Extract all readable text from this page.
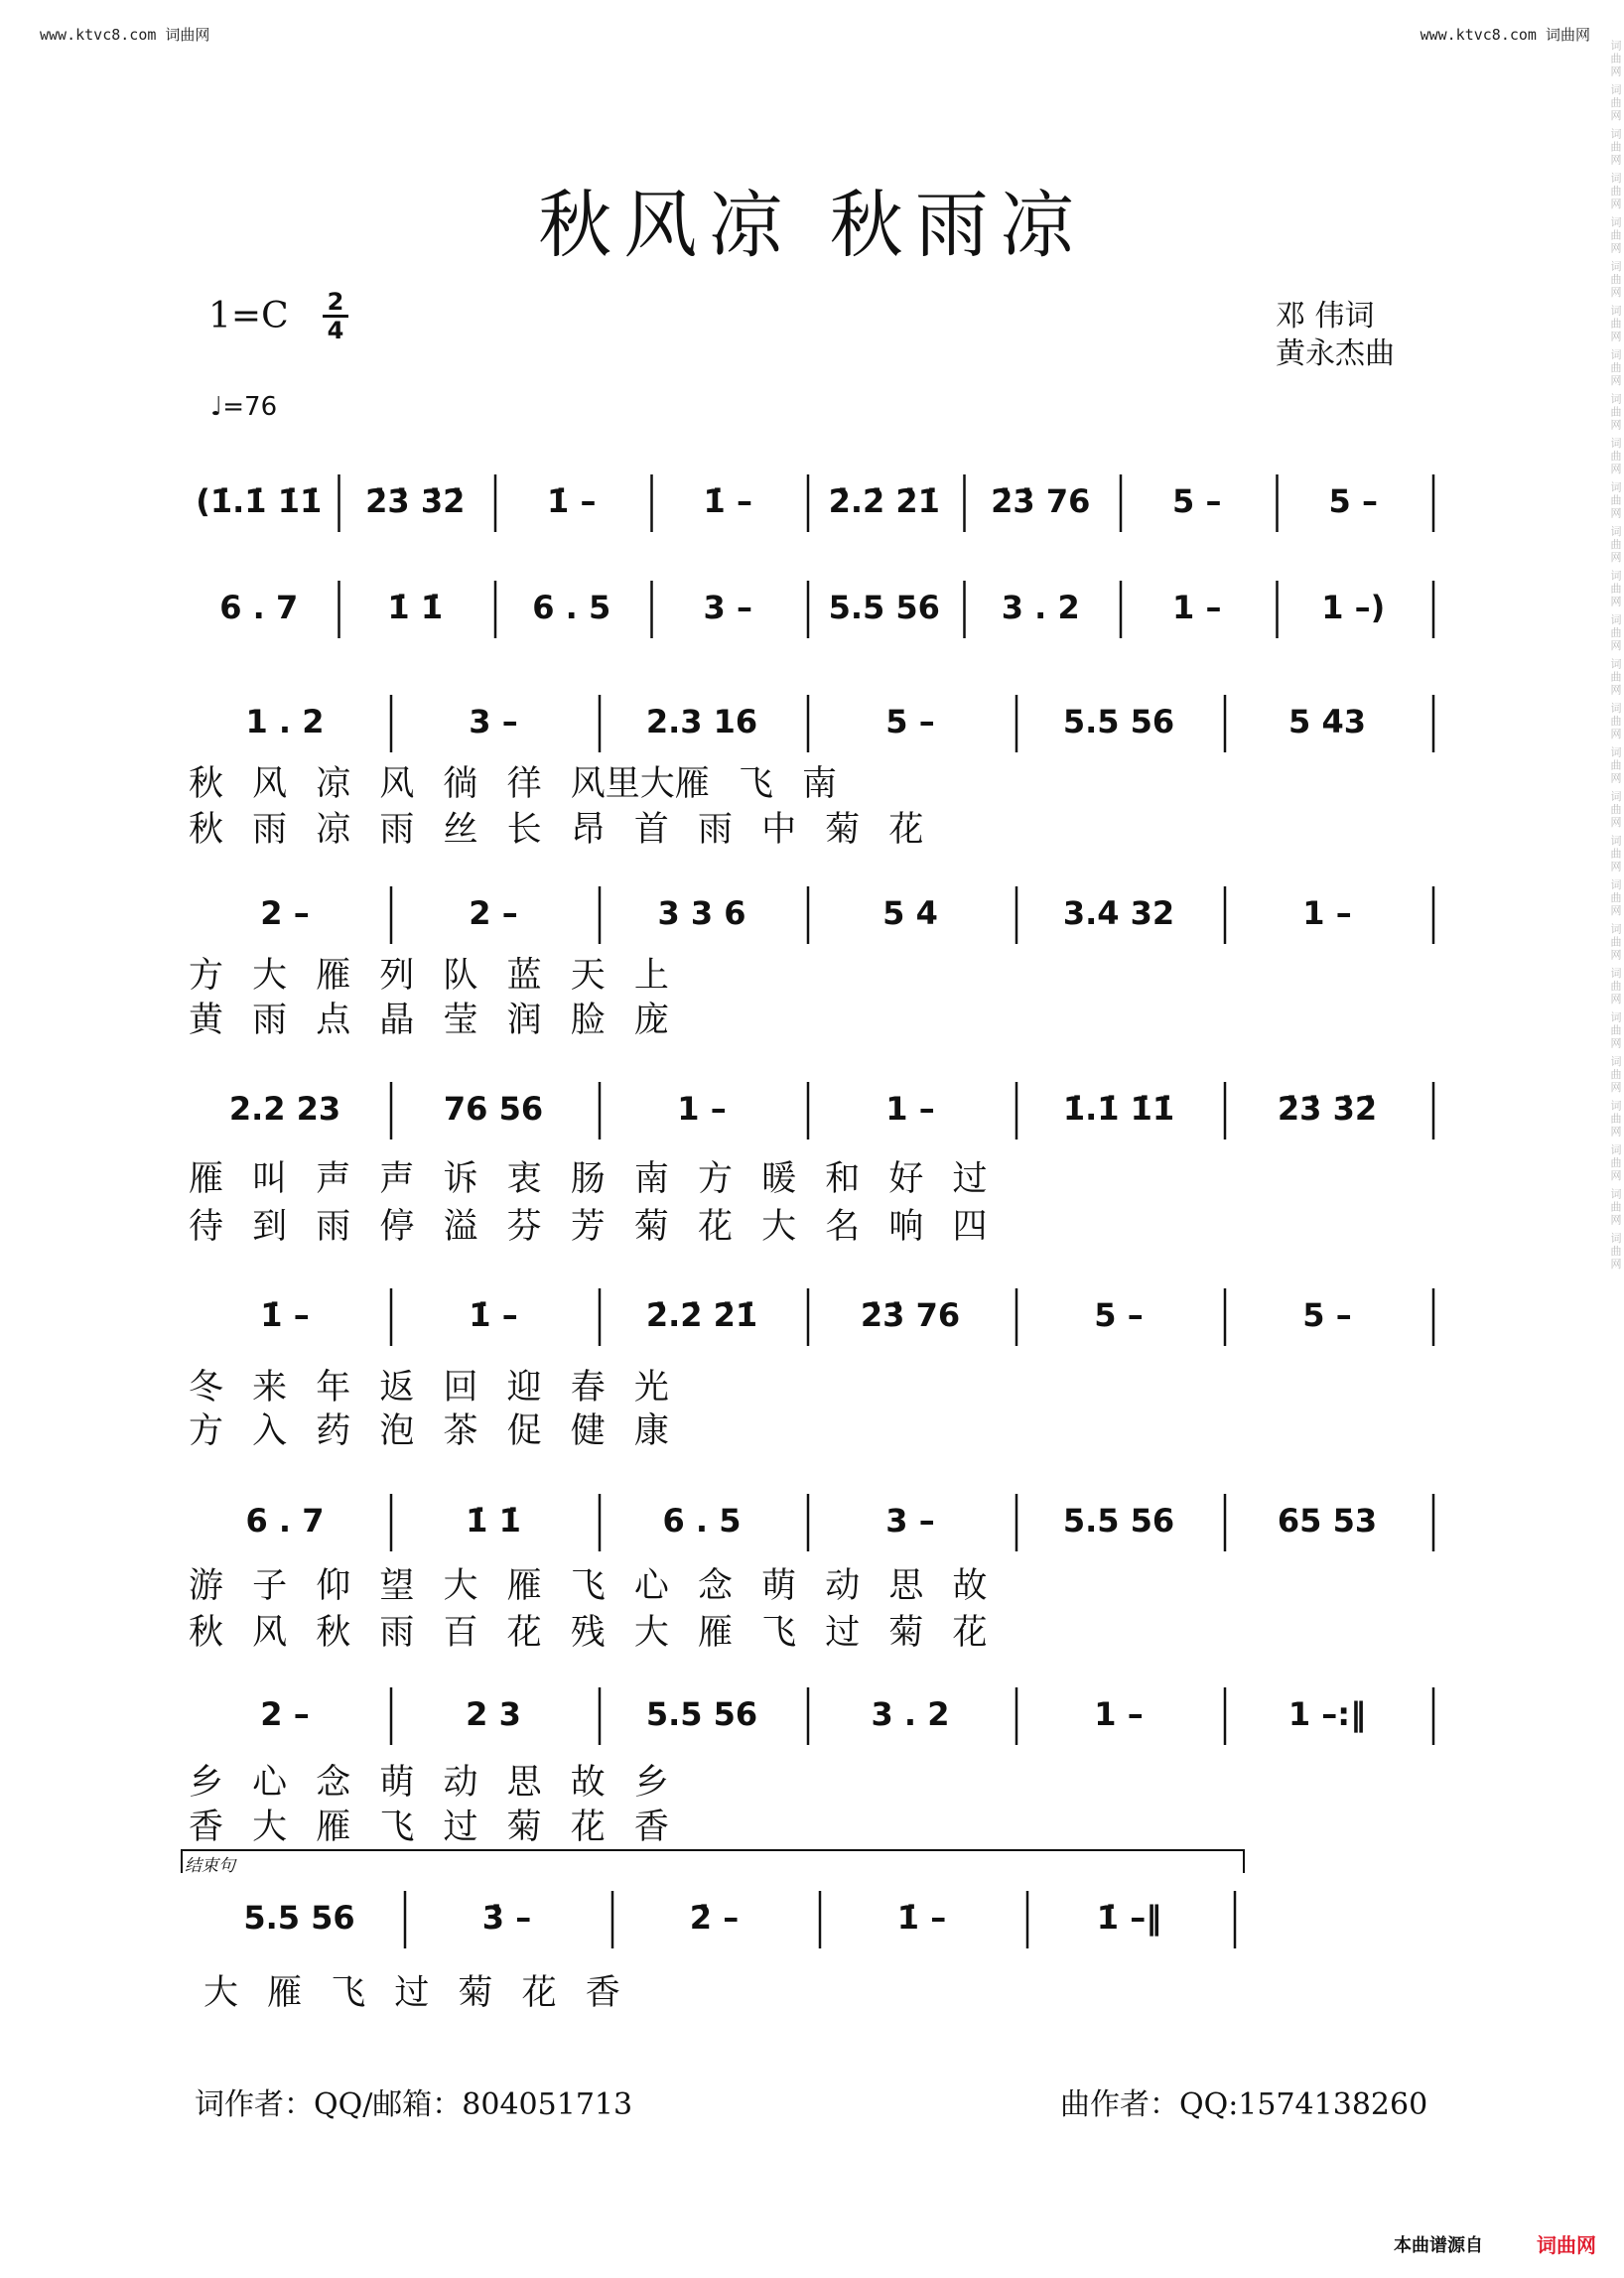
www.ktvc8.com 词曲网	www.ktvc8.com 词曲网
词曲网 词曲网 词曲网 词曲网 词曲网 词曲网 词曲网 词曲网 词曲网 词曲网 词曲网 词曲网 词曲网 词曲网 词曲网 词曲网 词曲网 词曲网 词曲网 词曲网 词曲网 词曲网 词曲网 词曲网 词曲网 词曲网 词曲网 词曲网
秋风凉 秋雨凉
1=C 2
4	邓 伟词
黄永杰曲
♩=76
(1̇.1̇ 1̇1̇	2̇3̇ 3̇2̇	1̇ –	1̇ –	2̇.2̇ 2̇1̇	2̇3̇ 76	5 –	5 –
6 . 7	1̇ 1̇	6 . 5	3 –	5.5 56	3 . 2	1 –	1 –)
1 . 2	3 –	2.3 16	5 –	5.5 56	5 43
秋 风 凉 风 徜 徉 风里大雁 飞 南
秋 雨 凉 雨 丝 长 昂 首 雨 中 菊 花
2 –	2 –	3 3 6	5 4	3.4 32	1 –
方 大 雁 列 队 蓝 天 上
黄 雨 点 晶 莹 润 脸 庞
2.2 23	76 56	1 –	1 –	1̇.1̇ 1̇1̇	2̇3̇ 3̇2̇
雁 叫 声 声 诉 衷 肠 南 方 暖 和 好 过
待 到 雨 停 溢 芬 芳 菊 花 大 名 响 四
1̇ –	1̇ –	2̇.2̇ 2̇1̇	2̇3̇ 76	5 –	5 –
冬 来 年 返 回 迎 春 光
方 入 药 泡 茶 促 健 康
6 . 7	1̇ 1̇	6 . 5	3 –	5.5 56	65 53
游 子 仰 望 大 雁 飞 心 念 萌 动 思 故
秋 风 秋 雨 百 花 残 大 雁 飞 过 菊 花
2 –	2 3	5.5 56	3 . 2	1 –	1 –:‖
乡 心 念 萌 动 思 故 乡
香 大 雁 飞 过 菊 花 香
5.5 56	3̇ –	2̇ –	1̇ –	1̇ –‖
结束句
大 雁 飞 过 菊 花 香
词作者：QQ/邮箱：804051713	曲作者：QQ:1574138260
本曲谱源自	词曲网
